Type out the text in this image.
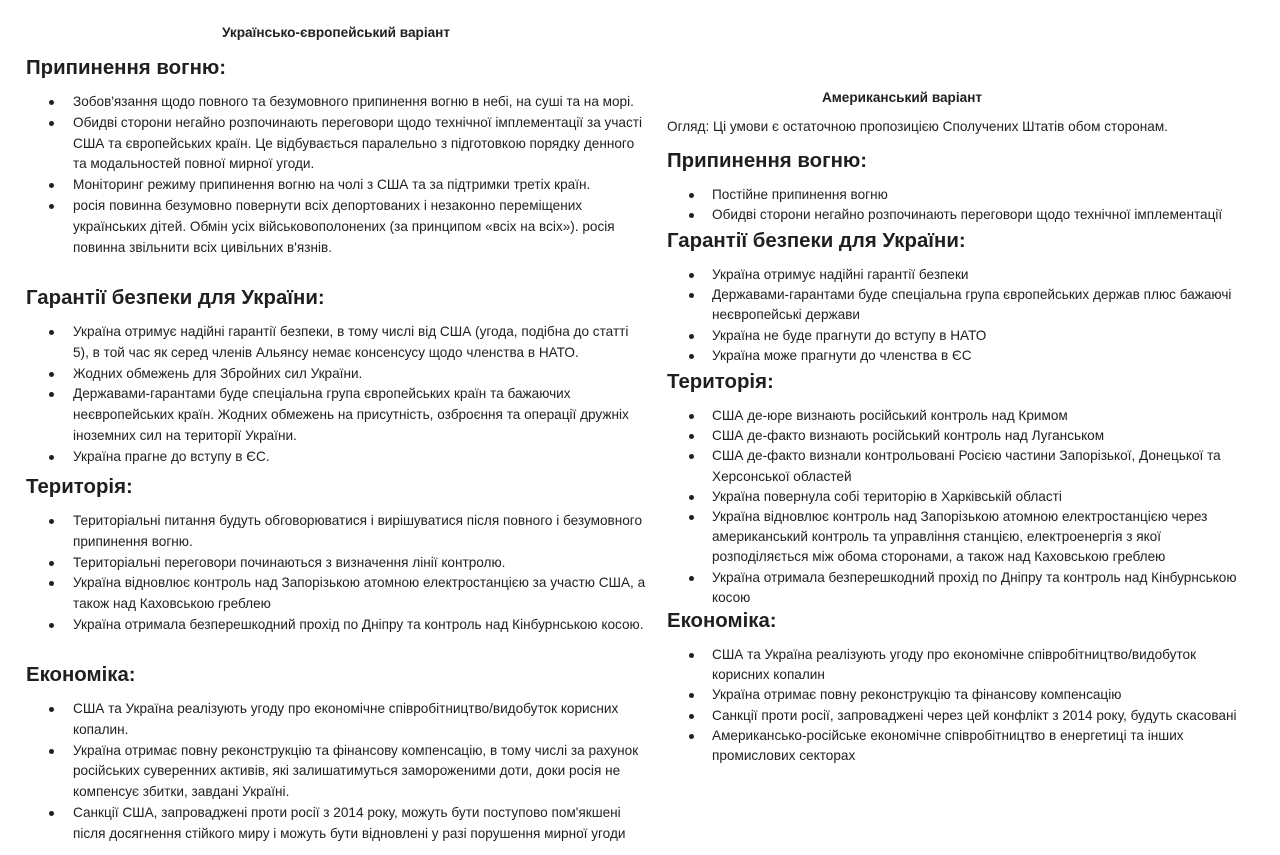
Українсько-європейський варіант
Припинення вогню:
Зобов'язання щодо повного та безумовного припинення вогню в небі, на суші та на морі.
Обидві сторони негайно розпочинають переговори щодо технічної імплементації за участі США та європейських країн. Це відбувається паралельно з підготовкою порядку денного та модальностей повної мирної угоди.
Моніторинг режиму припинення вогню на чолі з США та за підтримки третіх країн.
росія повинна безумовно повернути всіх депортованих і незаконно переміщених українських дітей. Обмін усіх військовополонених (за принципом «всіх на всіх»). росія повинна звільнити всіх цивільних в'язнів.
Гарантії безпеки для України:
Україна отримує надійні гарантії безпеки, в тому числі від США (угода, подібна до статті 5), в той час як серед членів Альянсу немає консенсусу щодо членства в НАТО.
Жодних обмежень для Збройних сил України.
Державами-гарантами буде спеціальна група європейських країн та бажаючих неєвропейських країн. Жодних обмежень на присутність, озброєння та операції дружніх іноземних сил на території України.
Україна прагне до вступу в ЄС.
Територія:
Територіальні питання будуть обговорюватися і вирішуватися після повного і безумовного припинення вогню.
Територіальні переговори починаються з визначення лінії контролю.
Україна відновлює контроль над Запорізькою атомною електростанцією за участю США, а також над Каховською греблею
Україна отримала безперешкодний прохід по Дніпру та контроль над Кінбурнською косою.
Економіка:
США та Україна реалізують угоду про економічне співробітництво/видобуток корисних копалин.
Україна отримає повну реконструкцію та фінансову компенсацію, в тому числі за рахунок російських суверенних активів, які залишатимуться замороженими доти, доки росія не компенсує збитки, завдані Україні.
Санкції США, запроваджені проти росії з 2014 року, можуть бути поступово пом'якшені після досягнення стійкого миру і можуть бути відновлені у разі порушення мирної угоди
Американський варіант

Огляд: Ці умови є остаточною пропозицією Сполучених Штатів обом сторонам.

Припинення вогню:
Постійне припинення вогню
Обидві сторони негайно розпочинають переговори щодо технічної імплементації
Гарантії безпеки для України:
Україна отримує надійні гарантії безпеки
Державами-гарантами буде спеціальна група європейських держав плюс бажаючі неєвропейські держави
Україна не буде прагнути до вступу в НАТО
Україна може прагнути до членства в ЄС
Територія:
США де-юре визнають російський контроль над Кримом
США де-факто визнають російський контроль над Луганськом
США де-факто визнали контрольовані Росією частини Запорізької, Донецької та Херсонської областей
Україна повернула собі територію в Харківській області
Україна відновлює контроль над Запорізькою атомною електростанцією через американський контроль та управління станцією, електроенергія з якої розподіляється між обома сторонами, а також над Каховською греблею
Україна отримала безперешкодний прохід по Дніпру та контроль над Кінбурнською косою
Економіка:
США та Україна реалізують угоду про економічне співробітництво/видобуток корисних копалин
Україна отримає повну реконструкцію та фінансову компенсацію
Санкції проти росії, запроваджені через цей конфлікт з 2014 року, будуть скасовані
Американсько-російське економічне співробітництво в енергетиці та інших промислових секторах
